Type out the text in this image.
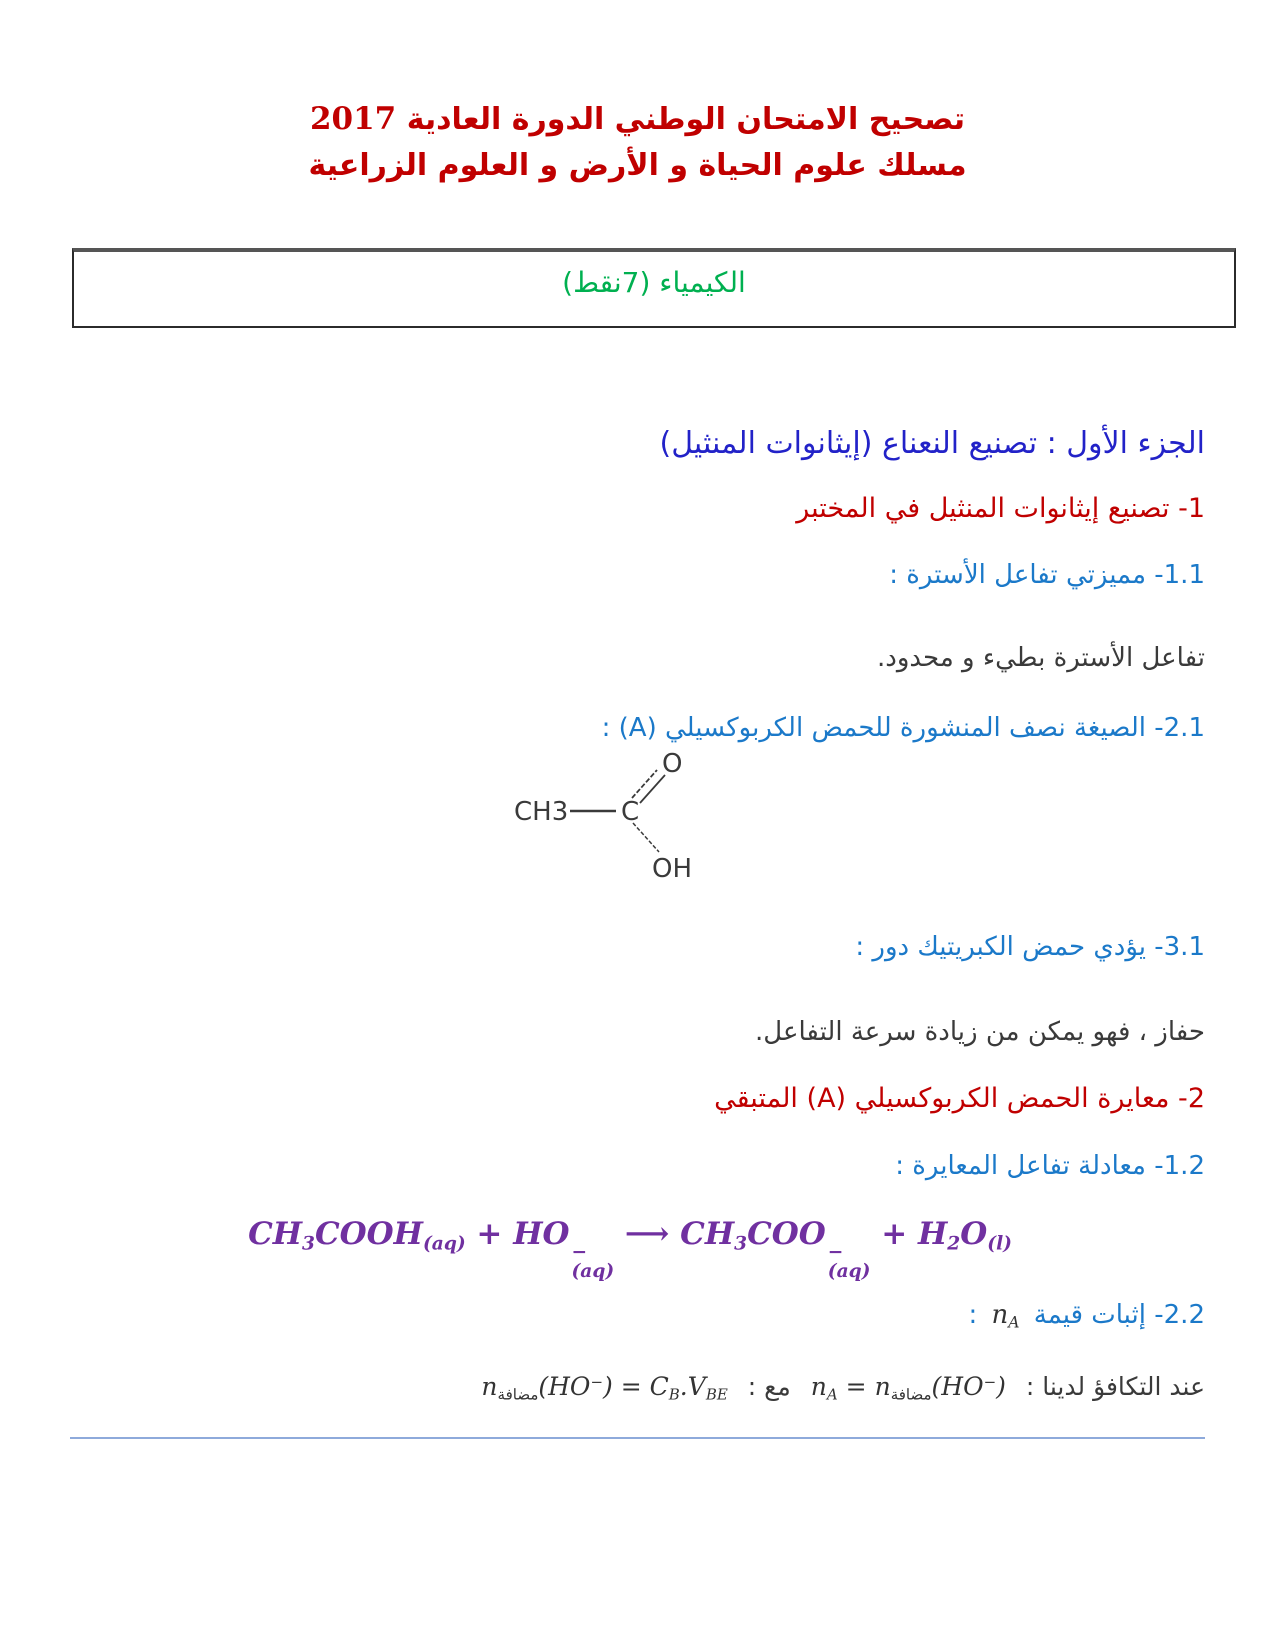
تصحيح الامتحان الوطني الدورة العادية 2017
مسلك علوم الحياة و الأرض و العلوم الزراعية
الكيمياء (7نقط)
الجزء الأول : تصنيع النعناع (إيثانوات المنثيل)
1- تصنيع إيثانوات المنثيل في المختبر
1.1- مميزتي تفاعل الأسترة :
تفاعل الأسترة بطيء و محدود.
2.1- الصيغة نصف المنشورة للحمض الكربوكسيلي (A) :
CH3 C
O
OH
3.1- يؤدي حمض الكبريتيك دور :
حفاز ، فهو يمكن من زيادة سرعة التفاعل.
2- معايرة الحمض الكربوكسيلي (A) المتبقي
1.2- معادلة تفاعل المعايرة :
$CH_3COOH_{(aq)}$ + HO
−
(aq)
⟶ $CH_3COO$
−
(aq)
+ $H_2O_{(l)}$
2.2- إثبات قيمة $n_A$ :
عند التكافؤ لدينا : $n_A = n_{مضافة}(HO^-)$ مع : $n_{مضافة}(HO^-) = C_B.V_{BE}$
